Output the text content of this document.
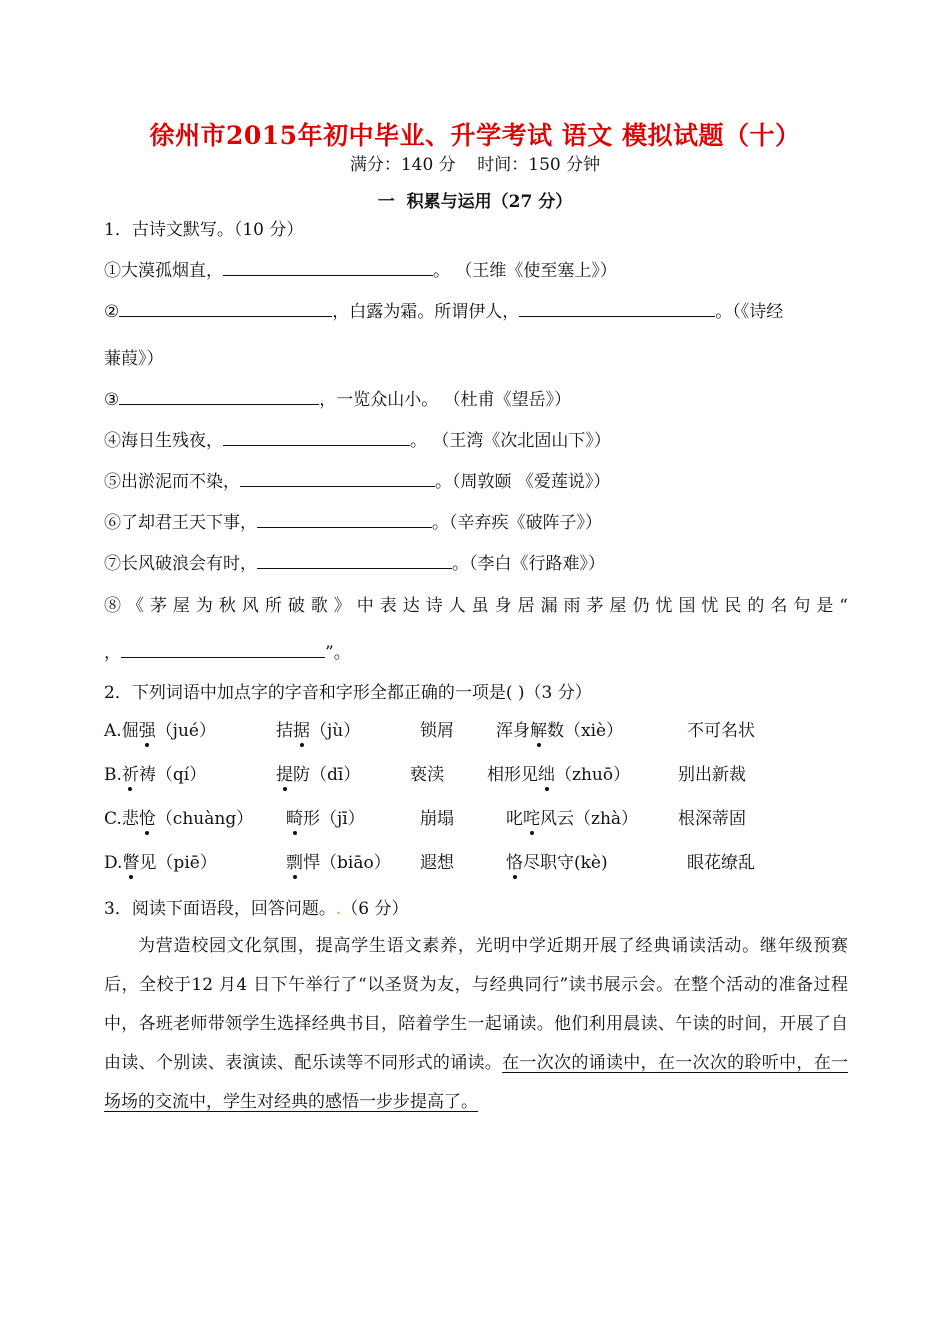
徐州市2015年初中毕业、升学考试 语文 模拟试题（十）
满分：140 分    时间：150 分钟
一  积累与运用（27 分）
1．古诗文默写。（10 分）
①大漠孤烟直，	。 （王维《使至塞上》）
②	，白露为霜。所谓伊人，	。（《诗经
蒹葭》）
③	，一览众山小。 （杜甫《望岳》）
④海日生残夜，	。 （王湾《次北固山下》）
⑤出淤泥而不染，	。（周敦颐 《爱莲说》）
⑥了却君王天下事，	。（辛弃疾《破阵子》）
⑦长风破浪会有时，	。（李白《行路难》）
⑧《茅屋为秋风所破歌》中表达诗人虽身居漏雨茅屋仍忧国忧民的名句是“
，	”。
2．下列词语中加点字的字音和字形全都正确的一项是( )（3 分）
A.倔强（jué）	拮据（jù）	锁屑 浑身解数（xiè）	不可名状
B.祈祷（qí）	提防（dī）	亵渎	相形见绌（zhuō）	别出新裁
C.悲怆（chuàng） 畸形（jī）	崩塌	叱咤风云（zhà） 根深蒂固
D.瞥见（piē）	剽悍（biāo） 遐想	恪尽职守(kè)	眼花缭乱
3．阅读下面语段，回答问题。.（6 分）
为营造校园文化氛围，提高学生语文素养，光明中学近期开展了经典诵读活动。继年级预赛后，全校于12 月4 日下午举行了“以圣贤为友，与经典同行”读书展示会。在整个活动的准备过程中，各班老师带领学生选择经典书目，陪着学生一起诵读。他们利用晨读、午读的时间，开展了自由读、个别读、表演读、配乐读等不同形式的诵读。在一次次的诵读中，在一次次的聆听中，在一场场的交流中，学生对经典的感悟一步步提高了。
